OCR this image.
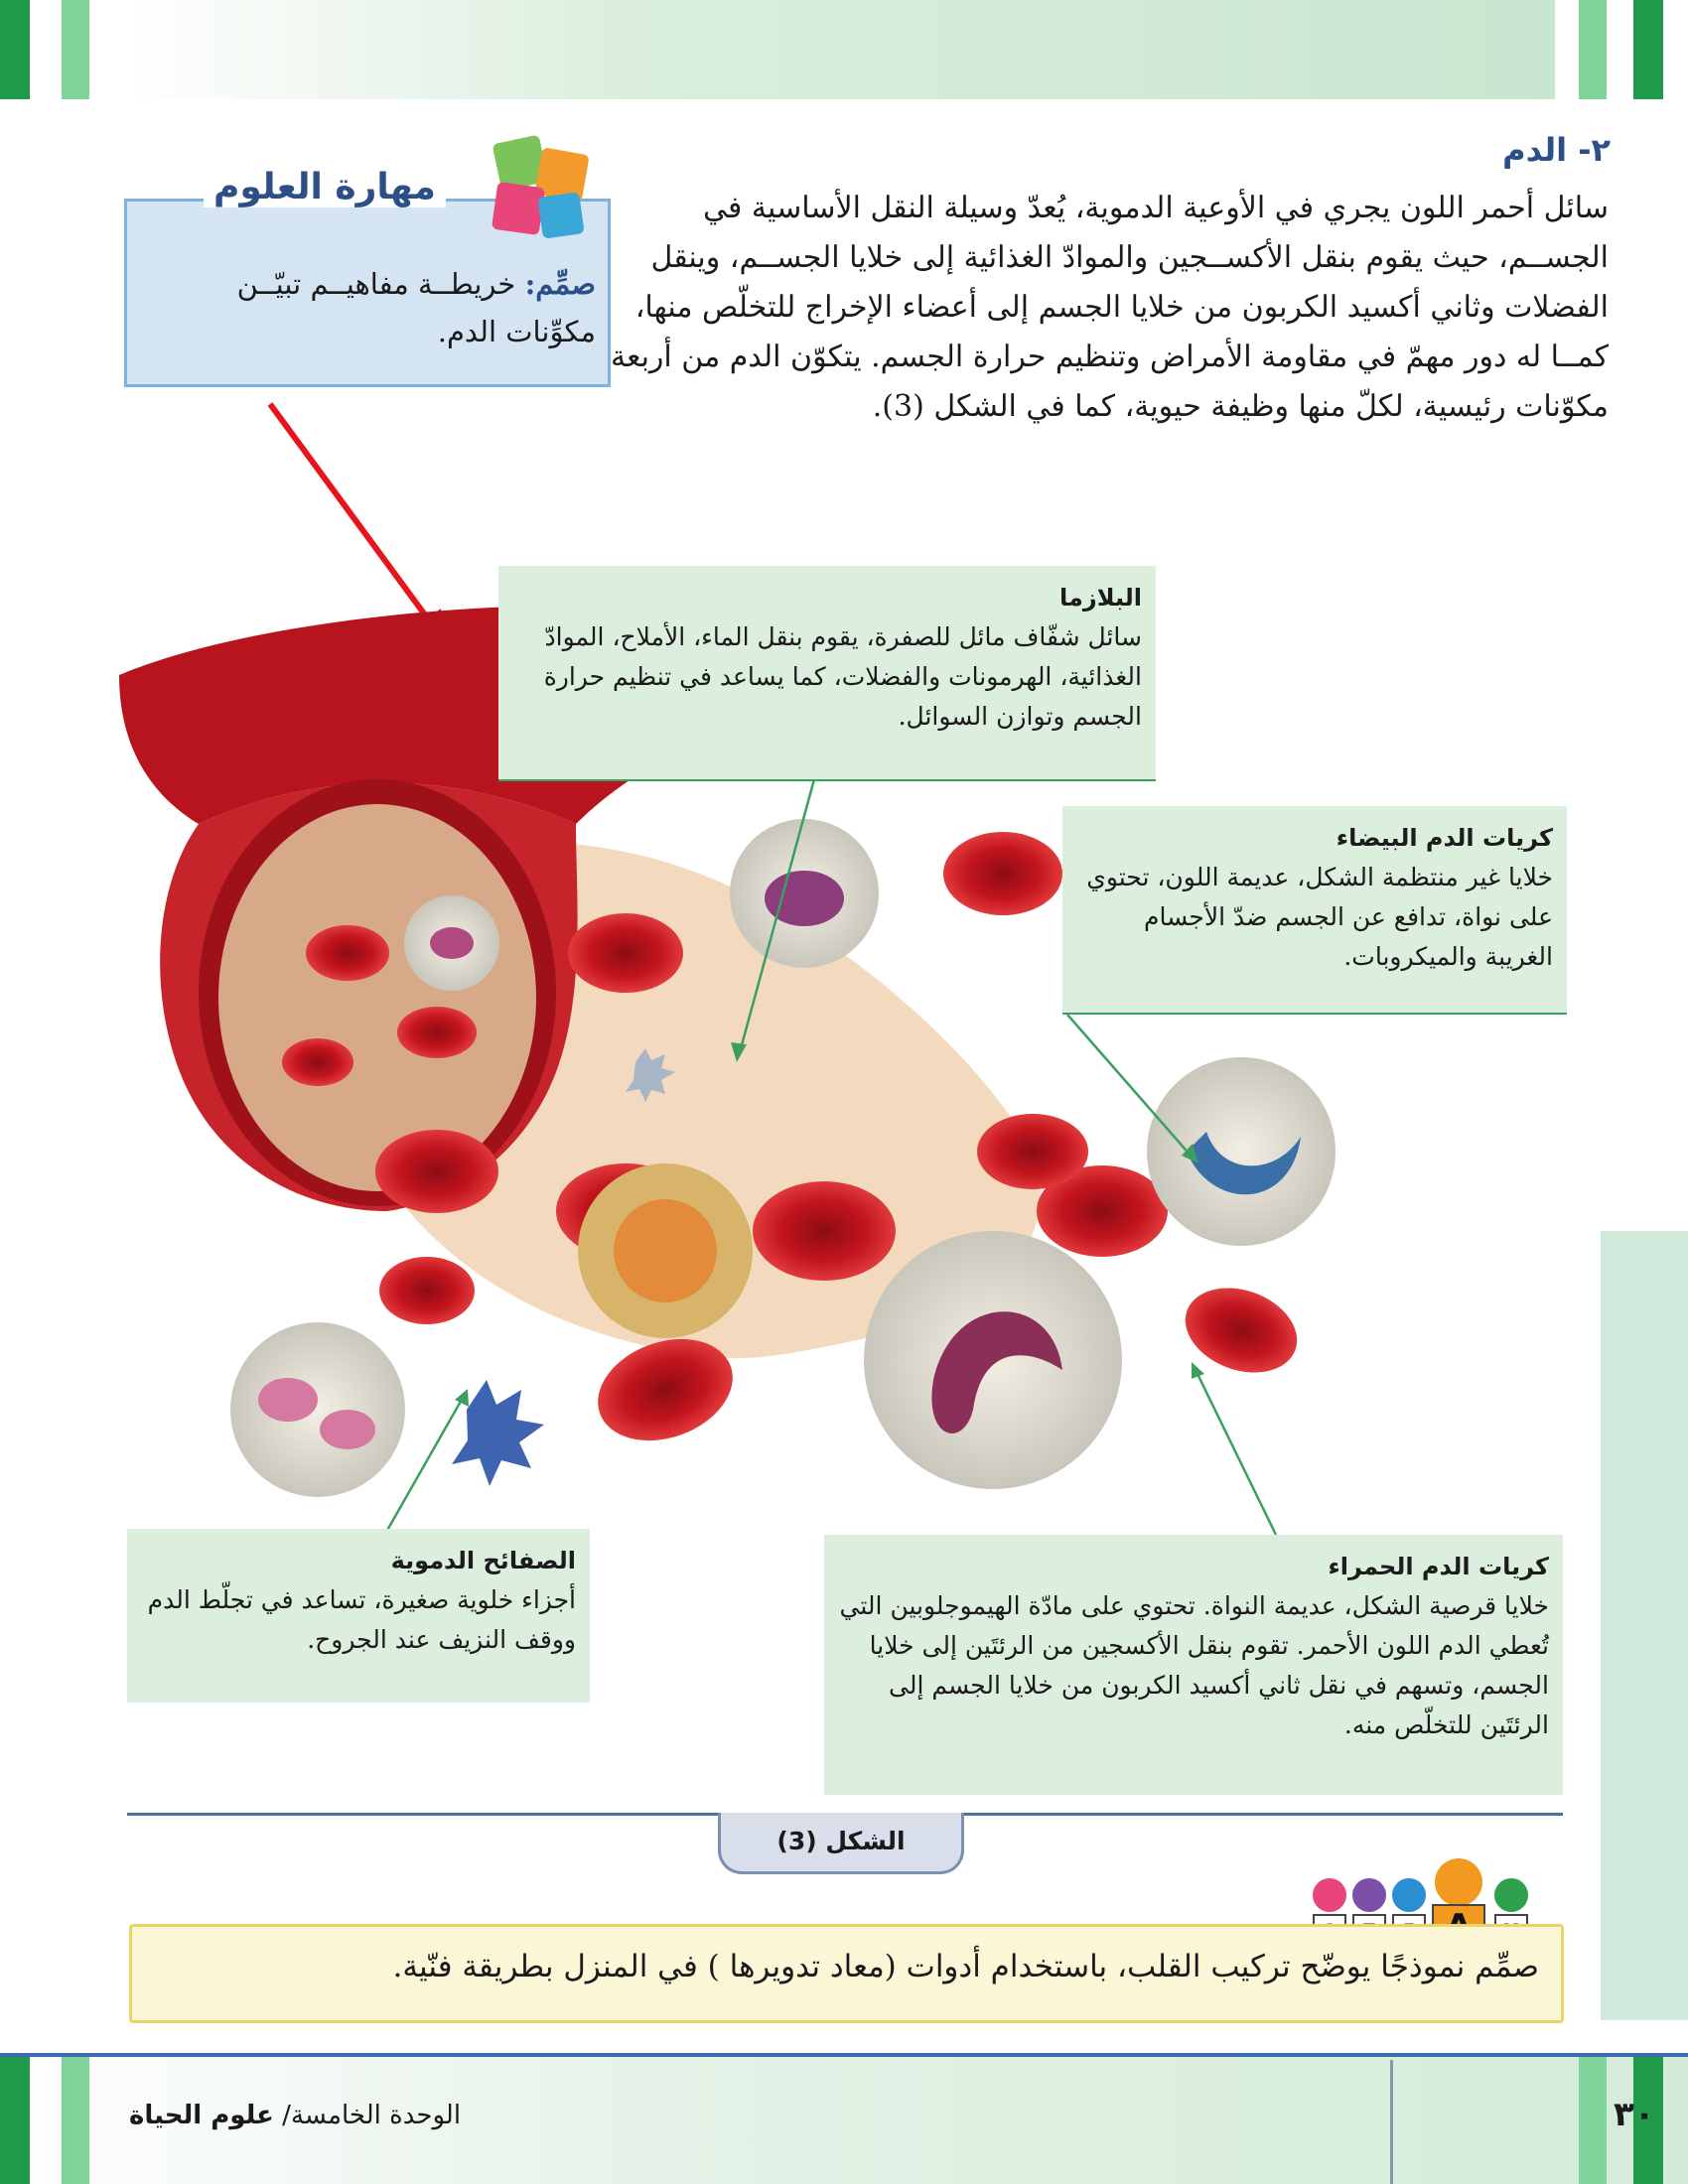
٢- الدم
سائل أحمر اللون يجري في الأوعية الدموية، يُعدّ وسيلة النقل الأساسية في الجســم، حيث يقوم بنقل الأكســجين والموادّ الغذائية إلى خلايا الجســم، وينقل الفضلات وثاني أكسيد الكربون من خلايا الجسم إلى أعضاء الإخراج للتخلّص منها، كمــا له دور مهمّ في مقاومة الأمراض وتنظيم حرارة الجسم. يتكوّن الدم من أربعة مكوّنات رئيسية، لكلّ منها وظيفة حيوية، كما في الشكل (3).
مهارة العلوم
صمِّم: خريطــة مفاهيــم تبيّــن مكوِّنات الدم.
البلازما
سائل شفّاف مائل للصفرة، يقوم بنقل الماء، الأملاح، الموادّ الغذائية، الهرمونات والفضلات، كما يساعد في تنظيم حرارة الجسم وتوازن السوائل.
كريات الدم البيضاء
خلايا غير منتظمة الشكل، عديمة اللون، تحتوي على نواة، تدافع عن الجسم ضدّ الأجسام الغريبة والميكروبات.
الصفائح الدموية
أجزاء خلوية صغيرة، تساعد في تجلّط الدم ووقف النزيف عند الجروح.
كريات الدم الحمراء
خلايا قرصية الشكل، عديمة النواة. تحتوي على مادّة الهيموجلوبين التي تُعطي الدم اللون الأحمر. تقوم بنقل الأكسجين من الرئتَين إلى خلايا الجسم، وتسهم في نقل ثاني أكسيد الكربون من خلايا الجسم إلى الرئتَين للتخلّص منه.
الشكل (3)
صمِّم نموذجًا يوضّح تركيب القلب، باستخدام أدوات (معاد تدويرها ) في المنزل بطريقة فنّية.
الوحدة الخامسة/ علوم الحياة	٣٠
